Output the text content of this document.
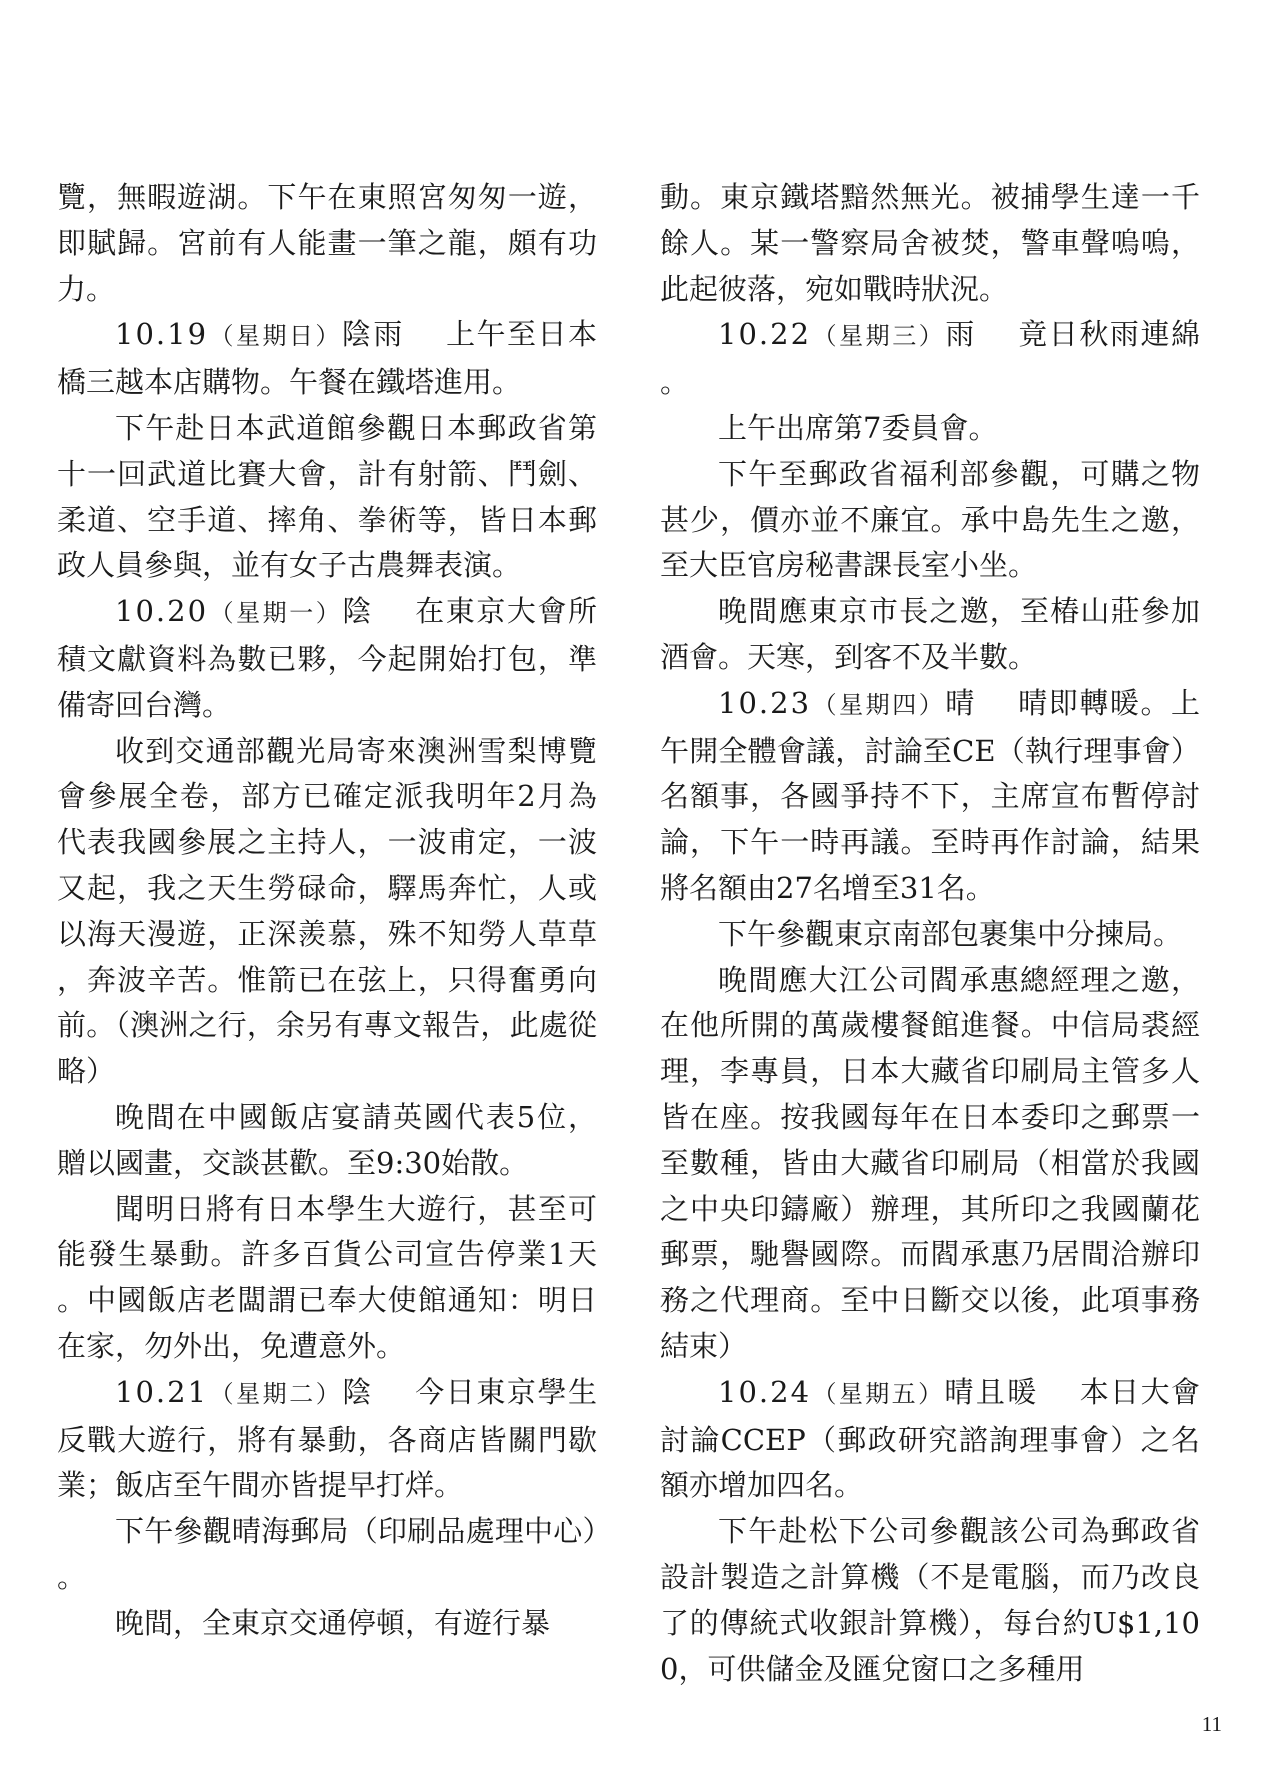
覽，無暇遊湖。下午在東照宮匆匆一遊，即賦歸。宮前有人能畫一筆之龍，頗有功力。

10.19（星期日）陰雨　 上午至日本橋三越本店購物。午餐在鐵塔進用。

下午赴日本武道館參觀日本郵政省第十一回武道比賽大會，計有射箭、鬥劍、柔道、空手道、摔角、拳術等，皆日本郵政人員參與，並有女子古農舞表演。

10.20（星期一）陰　 在東京大會所積文獻資料為數已夥，今起開始打包，準備寄回台灣。

收到交通部觀光局寄來澳洲雪梨博覽會參展全卷，部方已確定派我明年2月為代表我國參展之主持人，一波甫定，一波又起，我之天生勞碌命，驛馬奔忙，人或以海天漫遊，正深羨慕，殊不知勞人草草，奔波辛苦。惟箭已在弦上，只得奮勇向前。（澳洲之行，余另有專文報告，此處從略）

晚間在中國飯店宴請英國代表5位，贈以國畫，交談甚歡。至9:30始散。

聞明日將有日本學生大遊行，甚至可能發生暴動。許多百貨公司宣告停業1天。中國飯店老闆謂已奉大使館通知：明日在家，勿外出，免遭意外。

10.21（星期二）陰　 今日東京學生反戰大遊行，將有暴動，各商店皆關門歇業；飯店至午間亦皆提早打烊。

下午參觀晴海郵局（印刷品處理中心）。

晚間，全東京交通停頓，有遊行暴

動。東京鐵塔黯然無光。被捕學生達一千餘人。某一警察局舍被焚，警車聲嗚嗚，此起彼落，宛如戰時狀況。

10.22（星期三）雨　 竟日秋雨連綿。

上午出席第7委員會。

下午至郵政省福利部參觀，可購之物甚少，價亦並不廉宜。承中島先生之邀，至大臣官房秘書課長室小坐。

晚間應東京市長之邀，至椿山莊參加酒會。天寒，到客不及半數。

10.23（星期四）晴　 晴即轉暖。上午開全體會議，討論至CE（執行理事會）名額事，各國爭持不下，主席宣布暫停討論，下午一時再議。至時再作討論，結果將名額由27名增至31名。

下午參觀東京南部包裹集中分揀局。

晚間應大江公司閻承惠總經理之邀，在他所開的萬歲樓餐館進餐。中信局裘經理，李專員，日本大藏省印刷局主管多人皆在座。按我國每年在日本委印之郵票一至數種，皆由大藏省印刷局（相當於我國之中央印鑄廠）辦理，其所印之我國蘭花郵票，馳譽國際。而閻承惠乃居間洽辦印務之代理商。至中日斷交以後，此項事務結束）

10.24（星期五）晴且暖　 本日大會討論CCEP（郵政研究諮詢理事會）之名額亦增加四名。

下午赴松下公司參觀該公司為郵政省設計製造之計算機（不是電腦，而乃改良了的傳統式收銀計算機），每台約U$1,100，可供儲金及匯兌窗口之多種用

11
